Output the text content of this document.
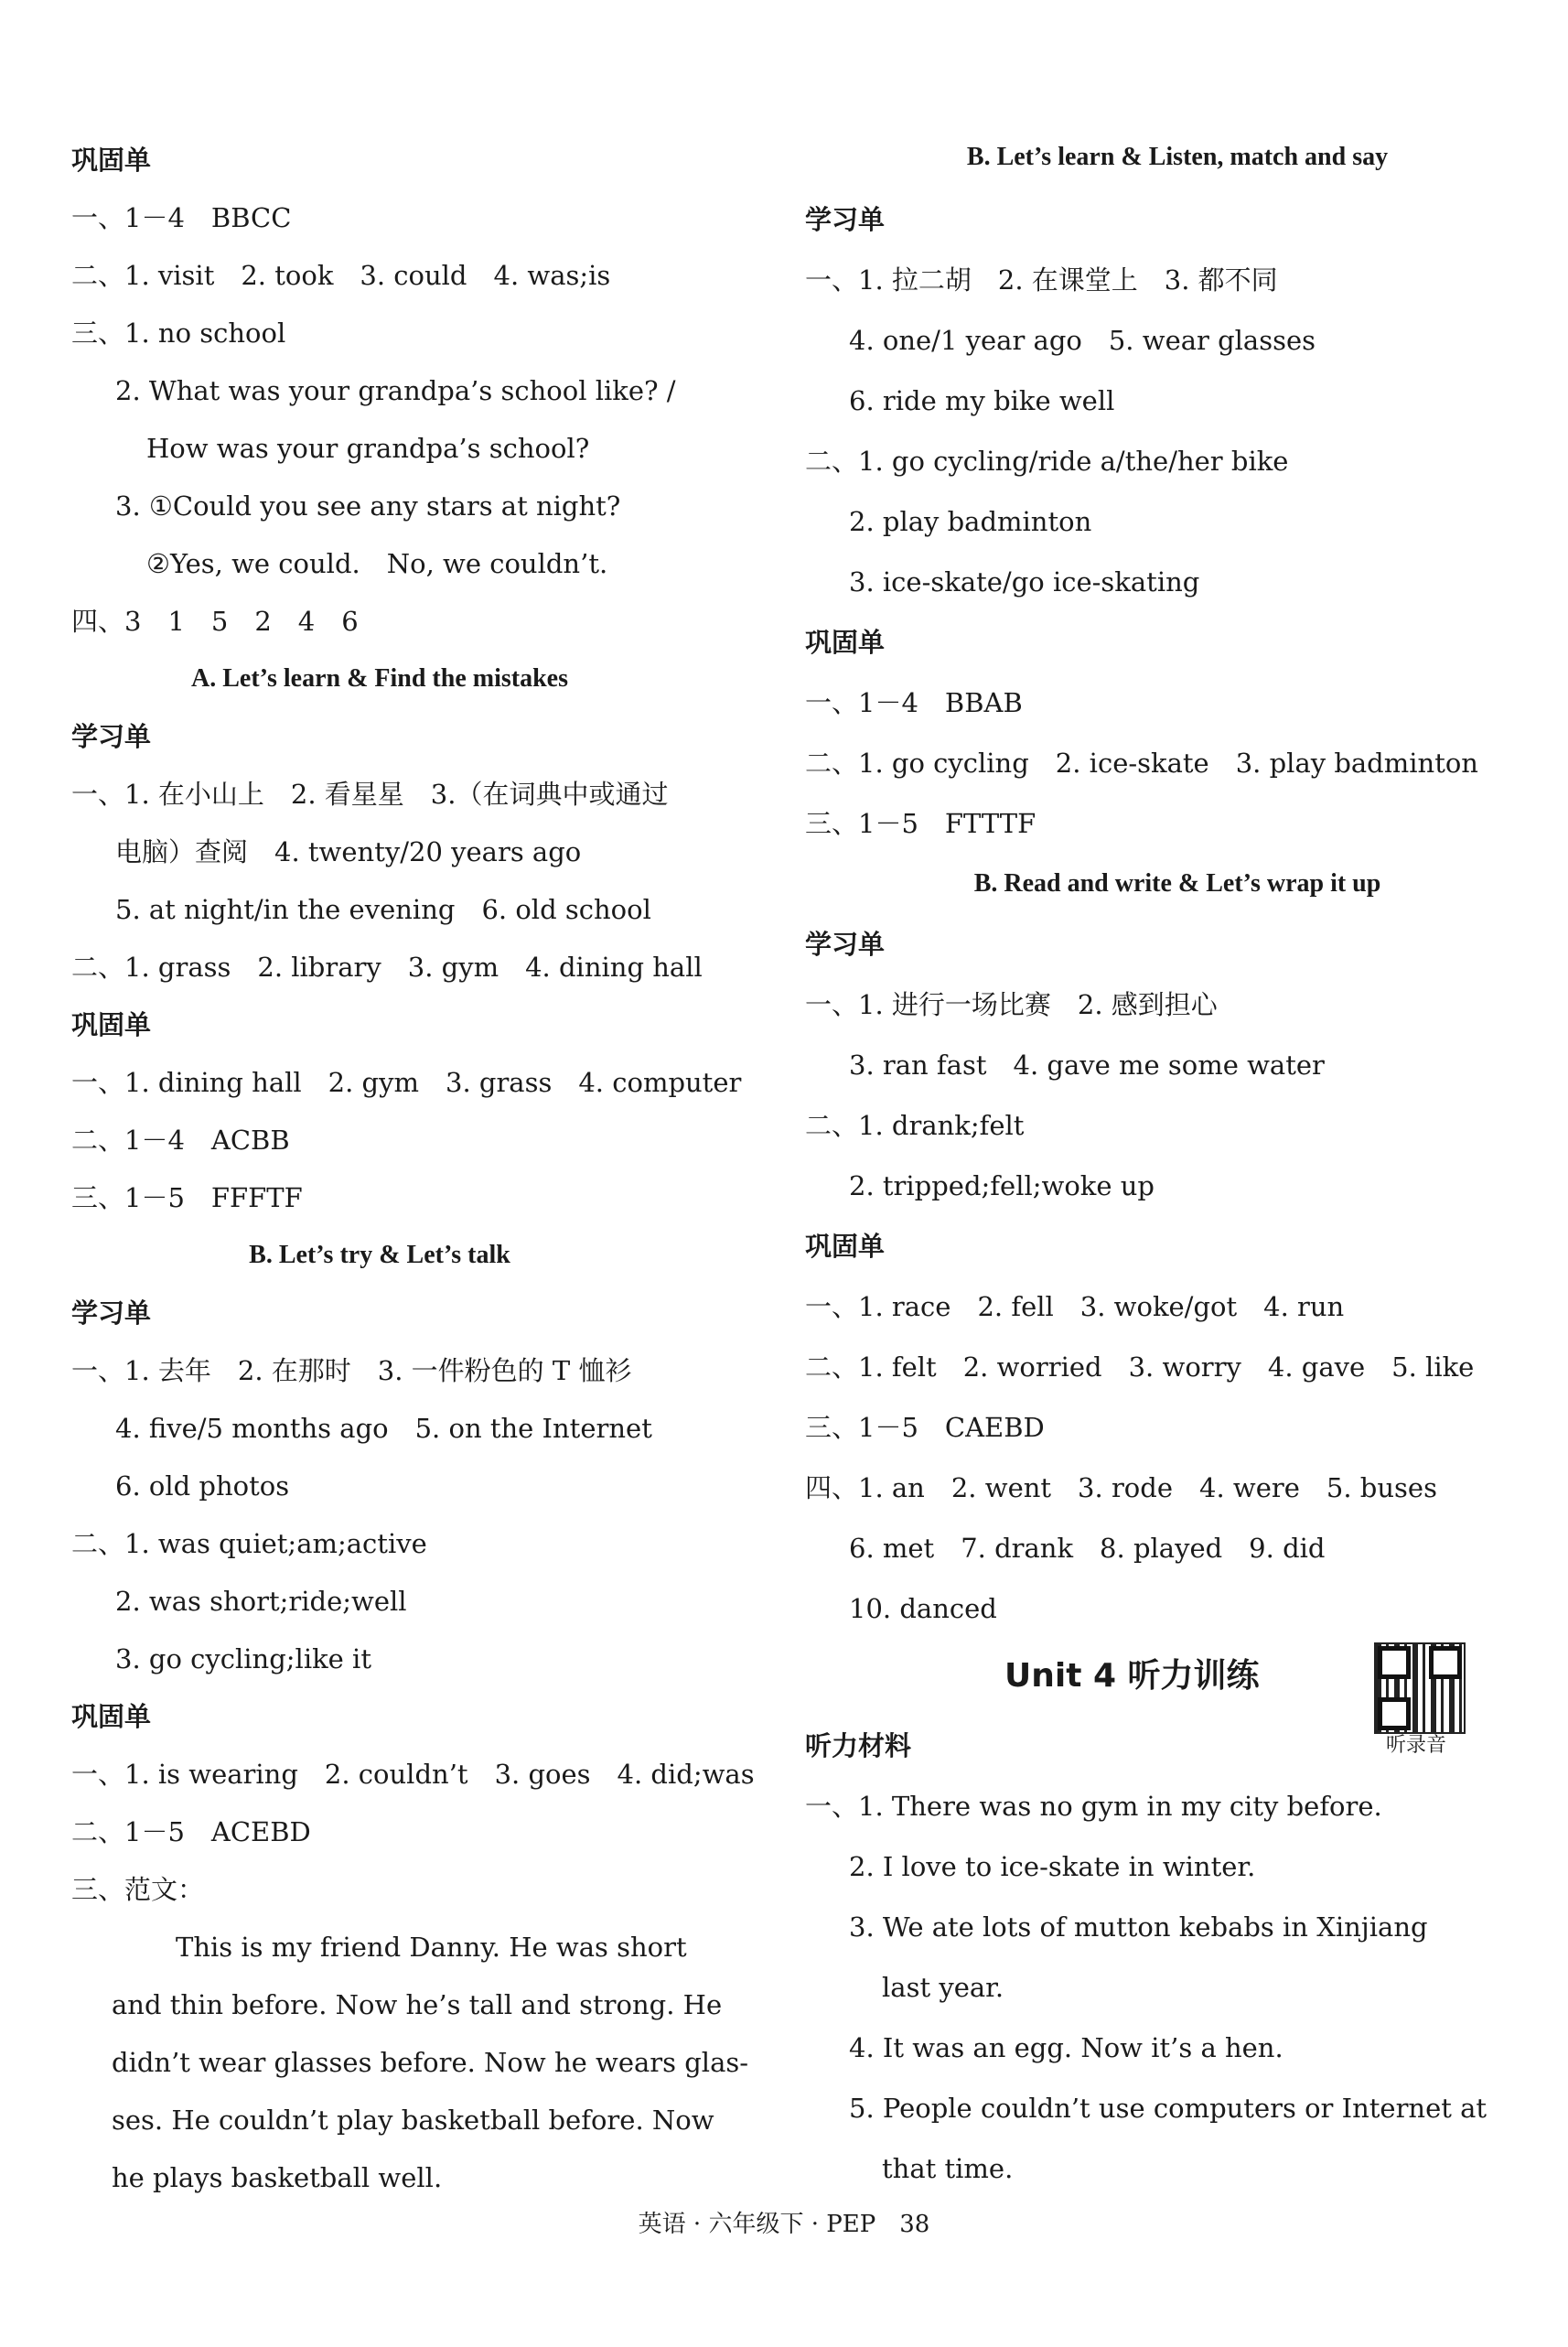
巩固单
一、1－4　BBCC
二、1. visit　2. took　3. could　4. was;is
三、1. no school
2. What was your grandpa’s school like? /
How was your grandpa’s school?
3. ①Could you see any stars at night?
②Yes, we could.　No, we couldn’t.
四、3　1　5　2　4　6
A. Let’s learn & Find the mistakes
学习单
一、1. 在小山上　2. 看星星　3.（在词典中或通过
电脑）查阅　4. twenty/20 years ago
5. at night/in the evening　6. old school
二、1. grass　2. library　3. gym　4. dining hall
巩固单
一、1. dining hall　2. gym　3. grass　4. computer
二、1－4　ACBB
三、1－5　FFFTF
B. Let’s try & Let’s talk
学习单
一、1. 去年　2. 在那时　3. 一件粉色的 T 恤衫
4. five/5 months ago　5. on the Internet
6. old photos
二、1. was quiet;am;active
2. was short;ride;well
3. go cycling;like it
巩固单
一、1. is wearing　2. couldn’t　3. goes　4. did;was
二、1－5　ACEBD
三、范文：
This is my friend Danny. He was short
and thin before. Now he’s tall and strong. He
didn’t wear glasses before. Now he wears glas-
ses. He couldn’t play basketball before. Now
he plays basketball well.
B. Let’s learn & Listen, match and say
学习单
一、1. 拉二胡　2. 在课堂上　3. 都不同
4. one/1 year ago　5. wear glasses
6. ride my bike well
二、1. go cycling/ride a/the/her bike
2. play badminton
3. ice-skate/go ice-skating
巩固单
一、1－4　BBAB
二、1. go cycling　2. ice-skate　3. play badminton
三、1－5　FTTTF
B. Read and write & Let’s wrap it up
学习单
一、1. 进行一场比赛　2. 感到担心
3. ran fast　4. gave me some water
二、1. drank;felt
2. tripped;fell;woke up
巩固单
一、1. race　2. fell　3. woke/got　4. run
二、1. felt　2. worried　3. worry　4. gave　5. like
三、1－5　CAEBD
四、1. an　2. went　3. rode　4. were　5. buses
6. met　7. drank　8. played　9. did
10. danced
Unit 4 听力训练
听力材料
一、1. There was no gym in my city before.
2. I love to ice-skate in winter.
3. We ate lots of mutton kebabs in Xinjiang
last year.
4. It was an egg. Now it’s a hen.
5. People couldn’t use computers or Internet at
that time.
听录音
英语 · 六年级下 · PEP　38
